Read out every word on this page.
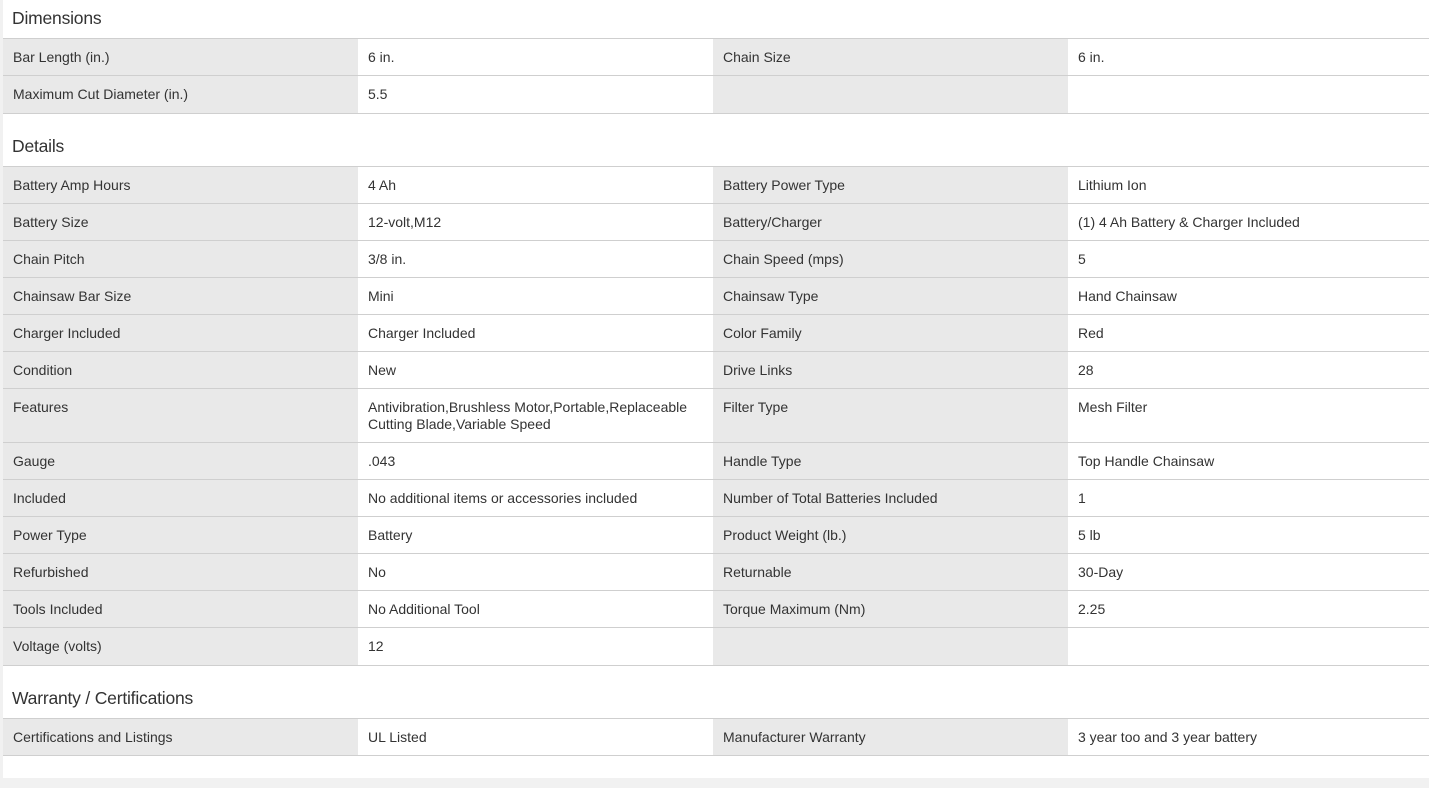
Dimensions
Bar Length (in.)	6 in.	Chain Size	6 in.
Maximum Cut Diameter (in.)	5.5		
Details
Battery Amp Hours	4 Ah	Battery Power Type	Lithium Ion
Battery Size	12-volt,M12	Battery/Charger	(1) 4 Ah Battery & Charger Included
Chain Pitch	3/8 in.	Chain Speed (mps)	5
Chainsaw Bar Size	Mini	Chainsaw Type	Hand Chainsaw
Charger Included	Charger Included	Color Family	Red
Condition	New	Drive Links	28
Features	Antivibration,Brushless Motor,Portable,Replaceable Cutting Blade,Variable Speed	Filter Type	Mesh Filter
Gauge	.043	Handle Type	Top Handle Chainsaw
Included	No additional items or accessories included	Number of Total Batteries Included	1
Power Type	Battery	Product Weight (lb.)	5 lb
Refurbished	No	Returnable	30-Day
Tools Included	No Additional Tool	Torque Maximum (Nm)	2.25
Voltage (volts)	12		
Warranty / Certifications
Certifications and Listings	UL Listed	Manufacturer Warranty	3 year too and 3 year battery
